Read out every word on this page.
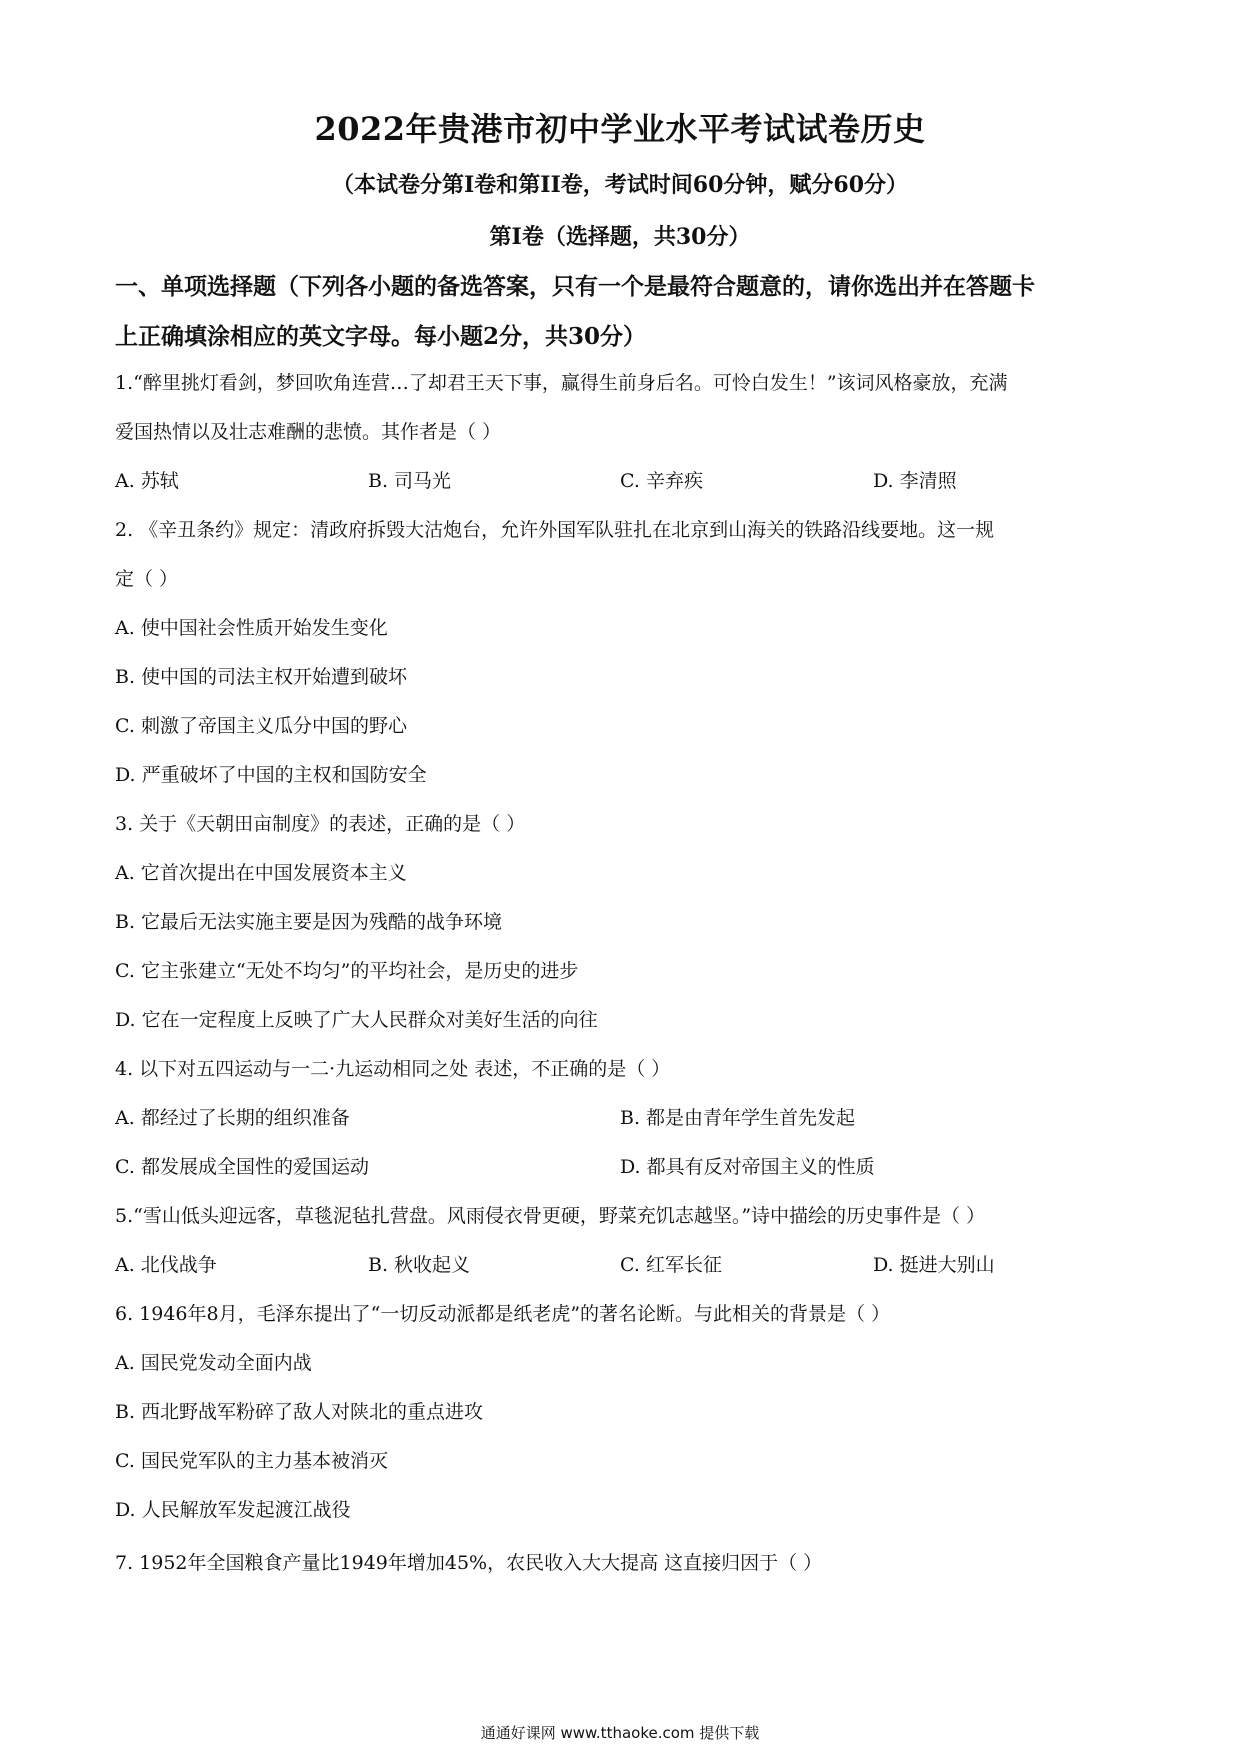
2022年贵港市初中学业水平考试试卷历史
（本试卷分第I卷和第II卷，考试时间60分钟，赋分60分）
第I卷（选择题，共30分）
一、单项选择题（下列各小题的备选答案，只有一个是最符合题意的，请你选出并在答题卡
上正确填涂相应的英文字母。每小题2分，共30分）
1.“醉里挑灯看剑，梦回吹角连营…了却君王天下事，赢得生前身后名。可怜白发生！”该词风格豪放，充满
爱国热情以及壮志难酬的悲愤。其作者是（ ）
A. 苏轼	B. 司马光	C. 辛弃疾	D. 李清照
2. 《辛丑条约》规定：清政府拆毁大沽炮台，允许外国军队驻扎在北京到山海关的铁路沿线要地。这一规
定（ ）
A. 使中国社会性质开始发生变化
B. 使中国的司法主权开始遭到破坏
C. 刺激了帝国主义瓜分中国的野心
D. 严重破坏了中国的主权和国防安全
3. 关于《天朝田亩制度》的表述，正确的是（ ）
A. 它首次提出在中国发展资本主义
B. 它最后无法实施主要是因为残酷的战争环境
C. 它主张建立“无处不均匀”的平均社会，是历史的进步
D. 它在一定程度上反映了广大人民群众对美好生活的向往
4. 以下对五四运动与一二·九运动相同之处 表述，不正确的是（ ）
A. 都经过了长期的组织准备	B. 都是由青年学生首先发起
C. 都发展成全国性的爱国运动	D. 都具有反对帝国主义的性质
5.“雪山低头迎远客，草毯泥毡扎营盘。风雨侵衣骨更硬，野菜充饥志越坚。”诗中描绘的历史事件是（ ）
A. 北伐战争	B. 秋收起义	C. 红军长征	D. 挺进大别山
6. 1946年8月，毛泽东提出了“一切反动派都是纸老虎”的著名论断。与此相关的背景是（ ）
A. 国民党发动全面内战
B. 西北野战军粉碎了敌人对陕北的重点进攻
C. 国民党军队的主力基本被消灭
D. 人民解放军发起渡江战役
7. 1952年全国粮食产量比1949年增加45%，农民收入大大提高 这直接归因于（ ）
通通好课网 www.tthaoke.com 提供下载
